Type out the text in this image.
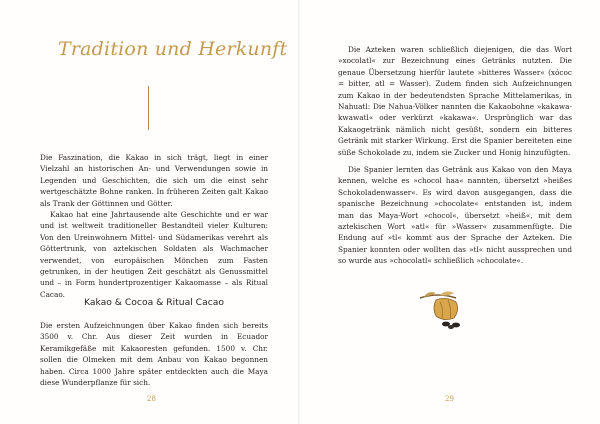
Tradition und Herkunft

Die Faszination, die Kakao in sich trägt, liegt in einer Vielzahl an historischen An- und Verwendungen sowie in Legenden und Geschichten, die sich um die einst sehr wertgeschätzte Bohne ranken. In früheren Zeiten galt Kakao als Trank der Göttinnen und Götter.

Kakao hat eine Jahrtausende alte Geschichte und er war und ist weltweit traditioneller Bestandteil vieler Kulturen: Von den Ureinwohnern Mittel- und Südamerikas verehrt als Göttertrunk, von aztekischen Soldaten als Wachmacher verwendet, von europäischen Mönchen zum Fasten getrunken, in der heutigen Zeit geschätzt als Genussmittel und – in Form hundertprozentiger Kakaomasse – als Ritual Cacao.

Kakao & Cocoa & Ritual Cacao

Die ersten Aufzeichnungen über Kakao finden sich bereits 3500 v. Chr. Aus dieser Zeit wurden in Ecuador Keramikgefäße mit Kakaoresten gefunden. 1500 v. Chr. sollen die Olmeken mit dem Anbau von Kakao begonnen haben. Circa 1000 Jahre später entdeckten auch die Maya diese Wunderpflanze für sich.

28

Die Azteken waren schließlich diejenigen, die das Wort »xocolatl« zur Bezeichnung eines Getränks nutzten. Die genaue Übersetzung hierfür lautete »bitteres Wasser« (xócoc = bitter, atl = Wasser). Zudem finden sich Aufzeichnungen zum Kakao in der bedeutendsten Sprache Mittelamerikas, in Nahuatl: Die Nahua-Völker nannten die Kakaobohne »kakawa-kwawatl« oder verkürzt »kakawa«. Ursprünglich war das Kakaogetränk nämlich nicht gesüßt, sondern ein bitteres Getränk mit starker Wirkung. Erst die Spanier bereiteten eine süße Schokolade zu, indem sie Zucker und Honig hinzufügten.

Die Spanier lernten das Getränk aus Kakao von den Maya kennen, welche es »chocol haa« nannten, übersetzt »heißes Schokoladenwasser«. Es wird davon ausgegangen, dass die spanische Bezeichnung »chocolate« entstanden ist, indem man das Maya-Wort »chocol«, übersetzt »heiß«, mit dem aztekischen Wort »atl« für »Wasser« zusammenfügte. Die Endung auf »tl« kommt aus der Sprache der Azteken. Die Spanier konnten oder wollten das »tl« nicht aussprechen und so wurde aus »chocolatl« schließlich »chocolate«.

29
